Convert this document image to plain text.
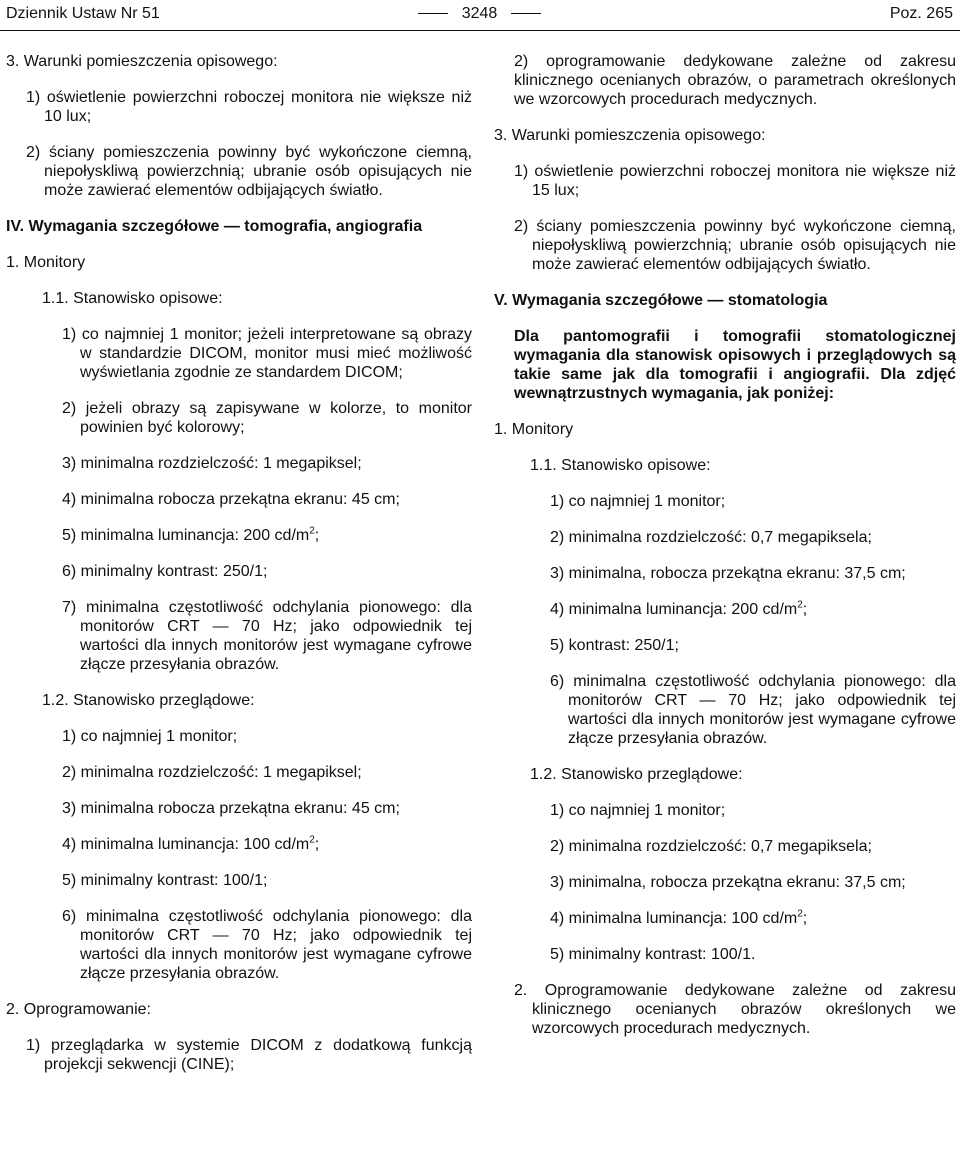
Dziennik Ustaw Nr 51	3248	Poz. 265

3. Warunki pomieszczenia opisowego:

1) oświetlenie powierzchni roboczej monitora nie większe niż 10 lux;

2) ściany pomieszczenia powinny być wykończone ciemną, niepołyskliwą powierzchnią; ubranie osób opisujących nie może zawierać elementów odbijających światło.

IV. Wymagania szczegółowe — tomografia, angiografia

1. Monitory

1.1. Stanowisko opisowe:

1) co najmniej 1 monitor; jeżeli interpretowane są obrazy w standardzie DICOM, monitor musi mieć możliwość wyświetlania zgodnie ze standardem DICOM;

2) jeżeli obrazy są zapisywane w kolorze, to monitor powinien być kolorowy;

3) minimalna rozdzielczość: 1 megapiksel;

4) minimalna robocza przekątna ekranu: 45 cm;

5) minimalna luminancja: 200 $cd/m^2$;

6) minimalny kontrast: 250/1;

7) minimalna częstotliwość odchylania pionowego: dla monitorów CRT — 70 Hz; jako odpowiednik tej wartości dla innych monitorów jest wymagane cyfrowe złącze przesyłania obrazów.

1.2. Stanowisko przeglądowe:

1) co najmniej 1 monitor;

2) minimalna rozdzielczość: 1 megapiksel;

3) minimalna robocza przekątna ekranu: 45 cm;

4) minimalna luminancja: 100 $cd/m^2$;

5) minimalny kontrast: 100/1;

6) minimalna częstotliwość odchylania pionowego: dla monitorów CRT — 70 Hz; jako odpowiednik tej wartości dla innych monitorów jest wymagane cyfrowe złącze przesyłania obrazów.

2. Oprogramowanie:

1) przeglądarka w systemie DICOM z dodatkową funkcją projekcji sekwencji (CINE);

2) oprogramowanie dedykowane zależne od zakresu klinicznego ocenianych obrazów, o parametrach określonych we wzorcowych procedurach medycznych.

3. Warunki pomieszczenia opisowego:

1) oświetlenie powierzchni roboczej monitora nie większe niż 15 lux;

2) ściany pomieszczenia powinny być wykończone ciemną, niepołyskliwą powierzchnią; ubranie osób opisujących nie może zawierać elementów odbijających światło.

V. Wymagania szczegółowe — stomatologia

Dla pantomografii i tomografii stomatologicznej wymagania dla stanowisk opisowych i przeglądowych są takie same jak dla tomografii i angiografii. Dla zdjęć wewnątrzustnych wymagania, jak poniżej:

1. Monitory

1.1. Stanowisko opisowe:

1) co najmniej 1 monitor;

2) minimalna rozdzielczość: 0,7 megapiksela;

3) minimalna, robocza przekątna ekranu: 37,5 cm;

4) minimalna luminancja: 200 $cd/m^2$;

5) kontrast: 250/1;

6) minimalna częstotliwość odchylania pionowego: dla monitorów CRT — 70 Hz; jako odpowiednik tej wartości dla innych monitorów jest wymagane cyfrowe złącze przesyłania obrazów.

1.2. Stanowisko przeglądowe:

1) co najmniej 1 monitor;

2) minimalna rozdzielczość: 0,7 megapiksela;

3) minimalna, robocza przekątna ekranu: 37,5 cm;

4) minimalna luminancja: 100 $cd/m^2$;

5) minimalny kontrast: 100/1.

2. Oprogramowanie dedykowane zależne od zakresu klinicznego ocenianych obrazów określonych we wzorcowych procedurach medycznych.
